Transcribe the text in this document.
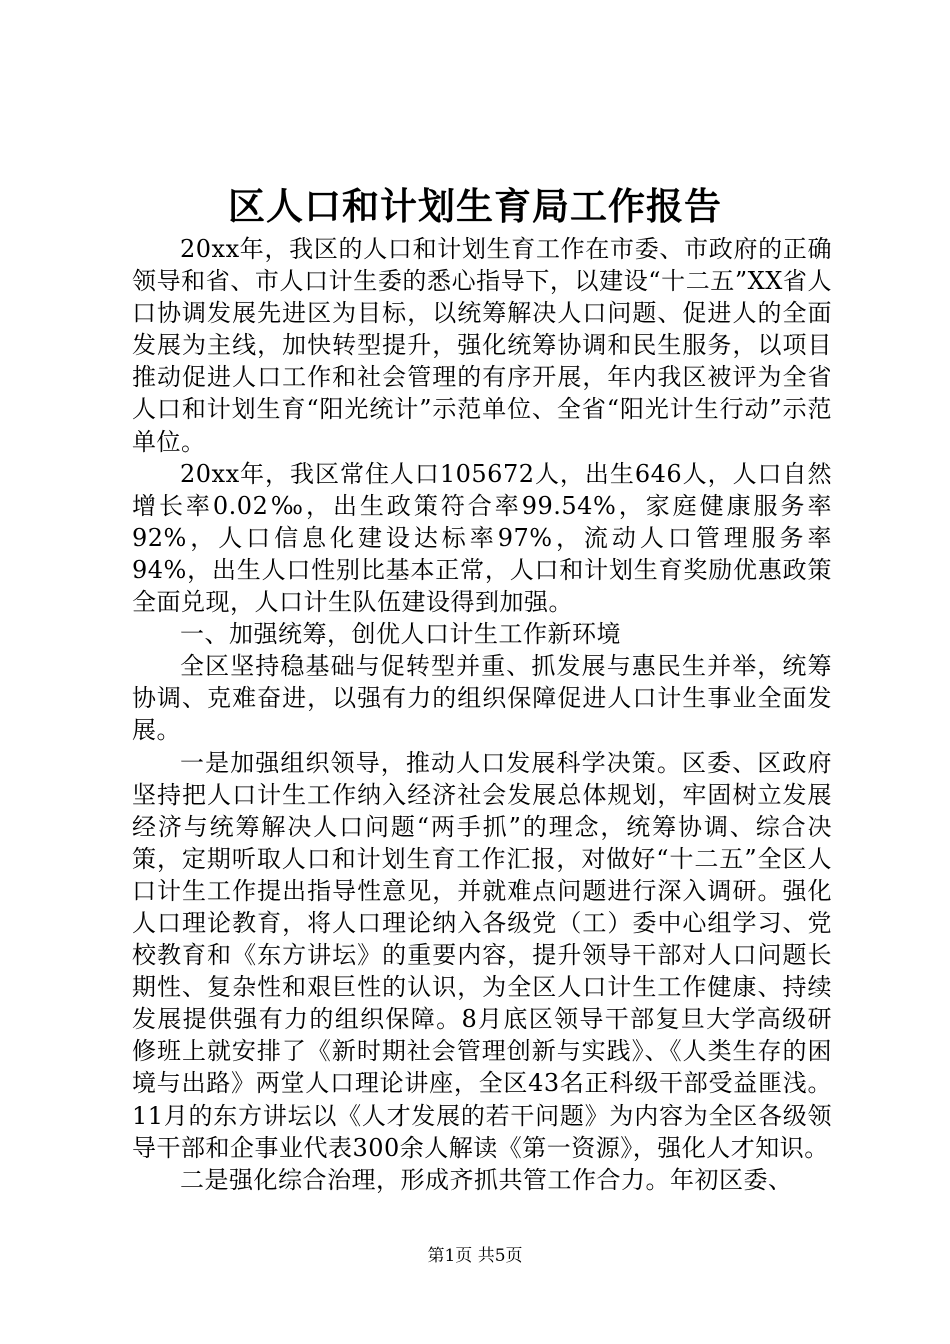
区人口和计划生育局工作报告

20xx年，我区的人口和计划生育工作在市委、市政府的正确领导和省、市人口计生委的悉心指导下，以建设“十二五”XX省人口协调发展先进区为目标，以统筹解决人口问题、促进人的全面发展为主线，加快转型提升，强化统筹协调和民生服务，以项目推动促进人口工作和社会管理的有序开展，年内我区被评为全省人口和计划生育“阳光统计”示范单位、全省“阳光计生行动”示范单位。

20xx年，我区常住人口105672人，出生646人，人口自然增长率0.02‰，出生政策符合率99.54%，家庭健康服务率92%，人口信息化建设达标率97%，流动人口管理服务率94%，出生人口性别比基本正常，人口和计划生育奖励优惠政策全面兑现，人口计生队伍建设得到加强。

一、加强统筹，创优人口计生工作新环境

全区坚持稳基础与促转型并重、抓发展与惠民生并举，统筹协调、克难奋进，以强有力的组织保障促进人口计生事业全面发展。

一是加强组织领导，推动人口发展科学决策。区委、区政府坚持把人口计生工作纳入经济社会发展总体规划，牢固树立发展经济与统筹解决人口问题“两手抓”的理念，统筹协调、综合决策，定期听取人口和计划生育工作汇报，对做好“十二五”全区人口计生工作提出指导性意见，并就难点问题进行深入调研。强化人口理论教育，将人口理论纳入各级党（工）委中心组学习、党校教育和《东方讲坛》的重要内容，提升领导干部对人口问题长期性、复杂性和艰巨性的认识，为全区人口计生工作健康、持续发展提供强有力的组织保障。8月底区领导干部复旦大学高级研修班上就安排了《新时期社会管理创新与实践》、《人类生存的困境与出路》两堂人口理论讲座，全区43名正科级干部受益匪浅。11月的东方讲坛以《人才发展的若干问题》为内容为全区各级领导干部和企事业代表300余人解读《第一资源》，强化人才知识。

二是强化综合治理，形成齐抓共管工作合力。年初区委、

第1页 共5页
